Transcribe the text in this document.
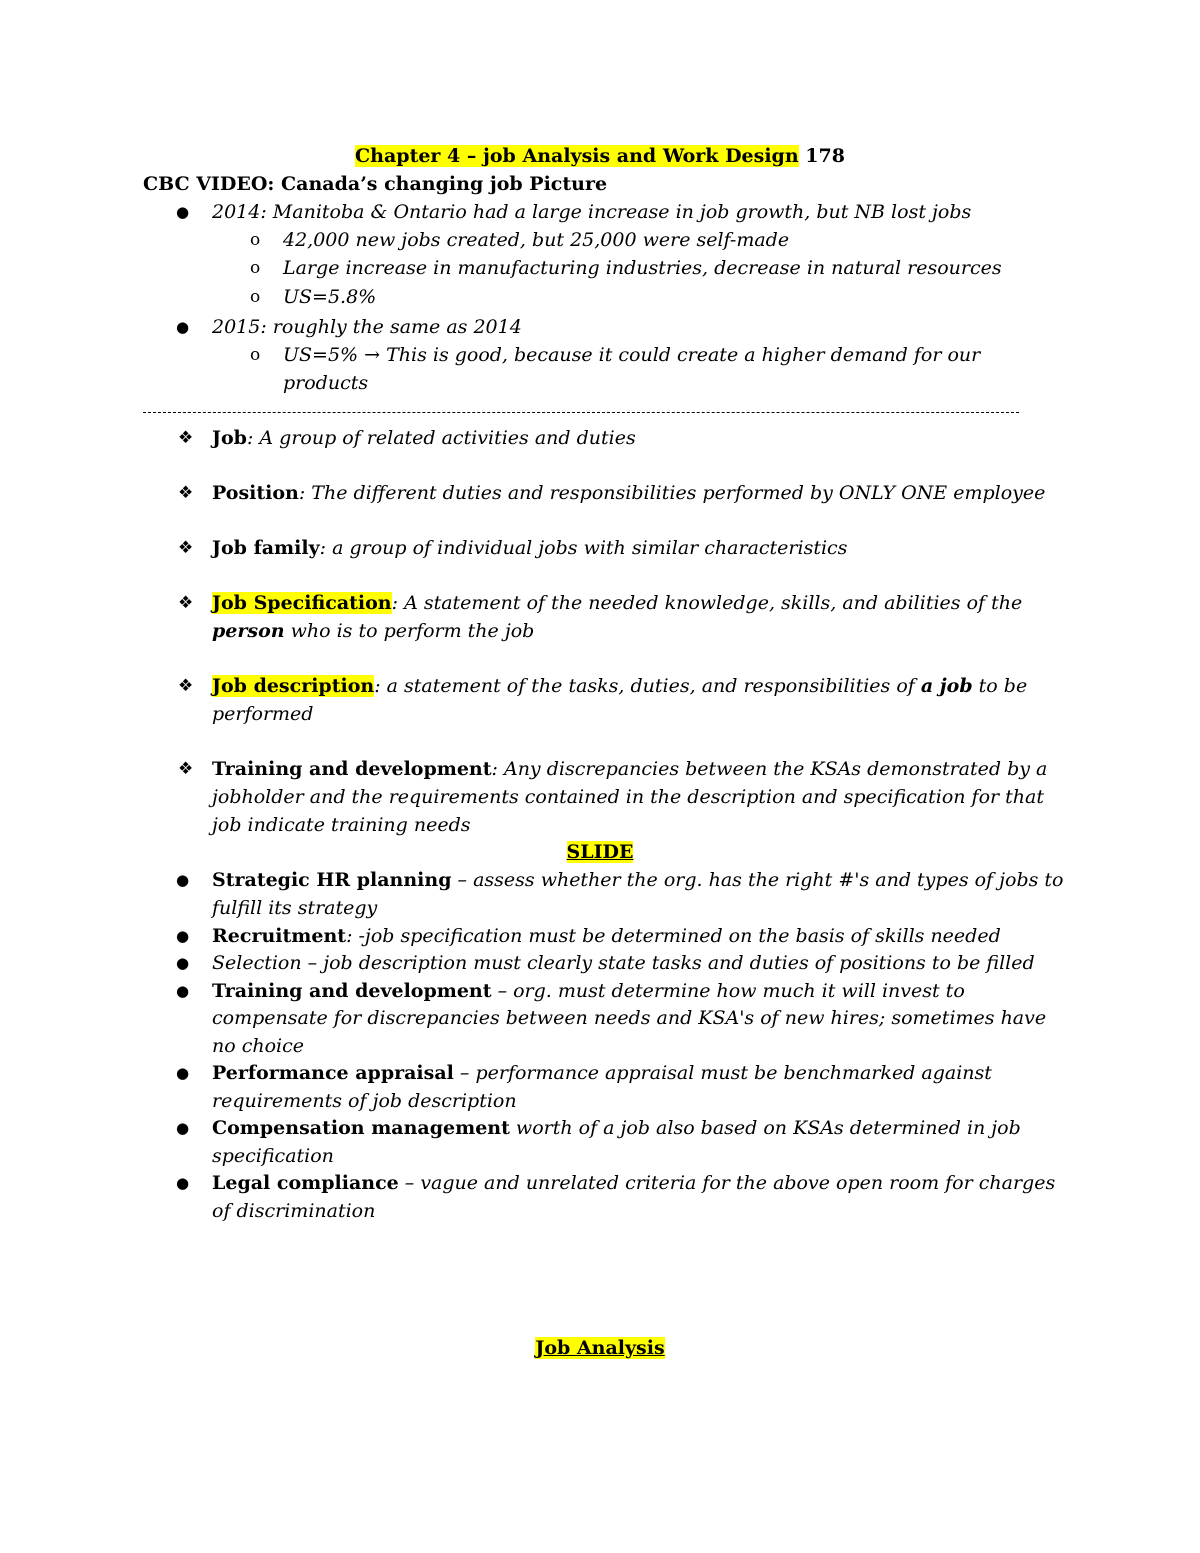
Chapter 4 – job Analysis and Work Design 178
CBC VIDEO: Canada’s changing job Picture
● 2014: Manitoba & Ontario had a large increase in job growth, but NB lost jobs
o 42,000 new jobs created, but 25,000 were self-made
o Large increase in manufacturing industries, decrease in natural resources
o US=5.8%
● 2015: roughly the same as 2014
o US=5% → This is good, because it could create a higher demand for our
products
❖ Job: A group of related activities and duties
❖ Position: The different duties and responsibilities performed by ONLY ONE employee
❖ Job family: a group of individual jobs with similar characteristics
❖ Job Specification: A statement of the needed knowledge, skills, and abilities of the
person who is to perform the job
❖ Job description: a statement of the tasks, duties, and responsibilities of a job to be
performed
❖ Training and development: Any discrepancies between the KSAs demonstrated by a
jobholder and the requirements contained in the description and specification for that
job indicate training needs
SLIDE
● Strategic HR planning – assess whether the org. has the right #'s and types of jobs to
fulfill its strategy
● Recruitment: -job specification must be determined on the basis of skills needed
● Selection – job description must clearly state tasks and duties of positions to be filled
● Training and development – org. must determine how much it will invest to
compensate for discrepancies between needs and KSA's of new hires; sometimes have
no choice
● Performance appraisal – performance appraisal must be benchmarked against
requirements of job description
● Compensation management worth of a job also based on KSAs determined in job
specification
● Legal compliance – vague and unrelated criteria for the above open room for charges
of discrimination
Job Analysis
